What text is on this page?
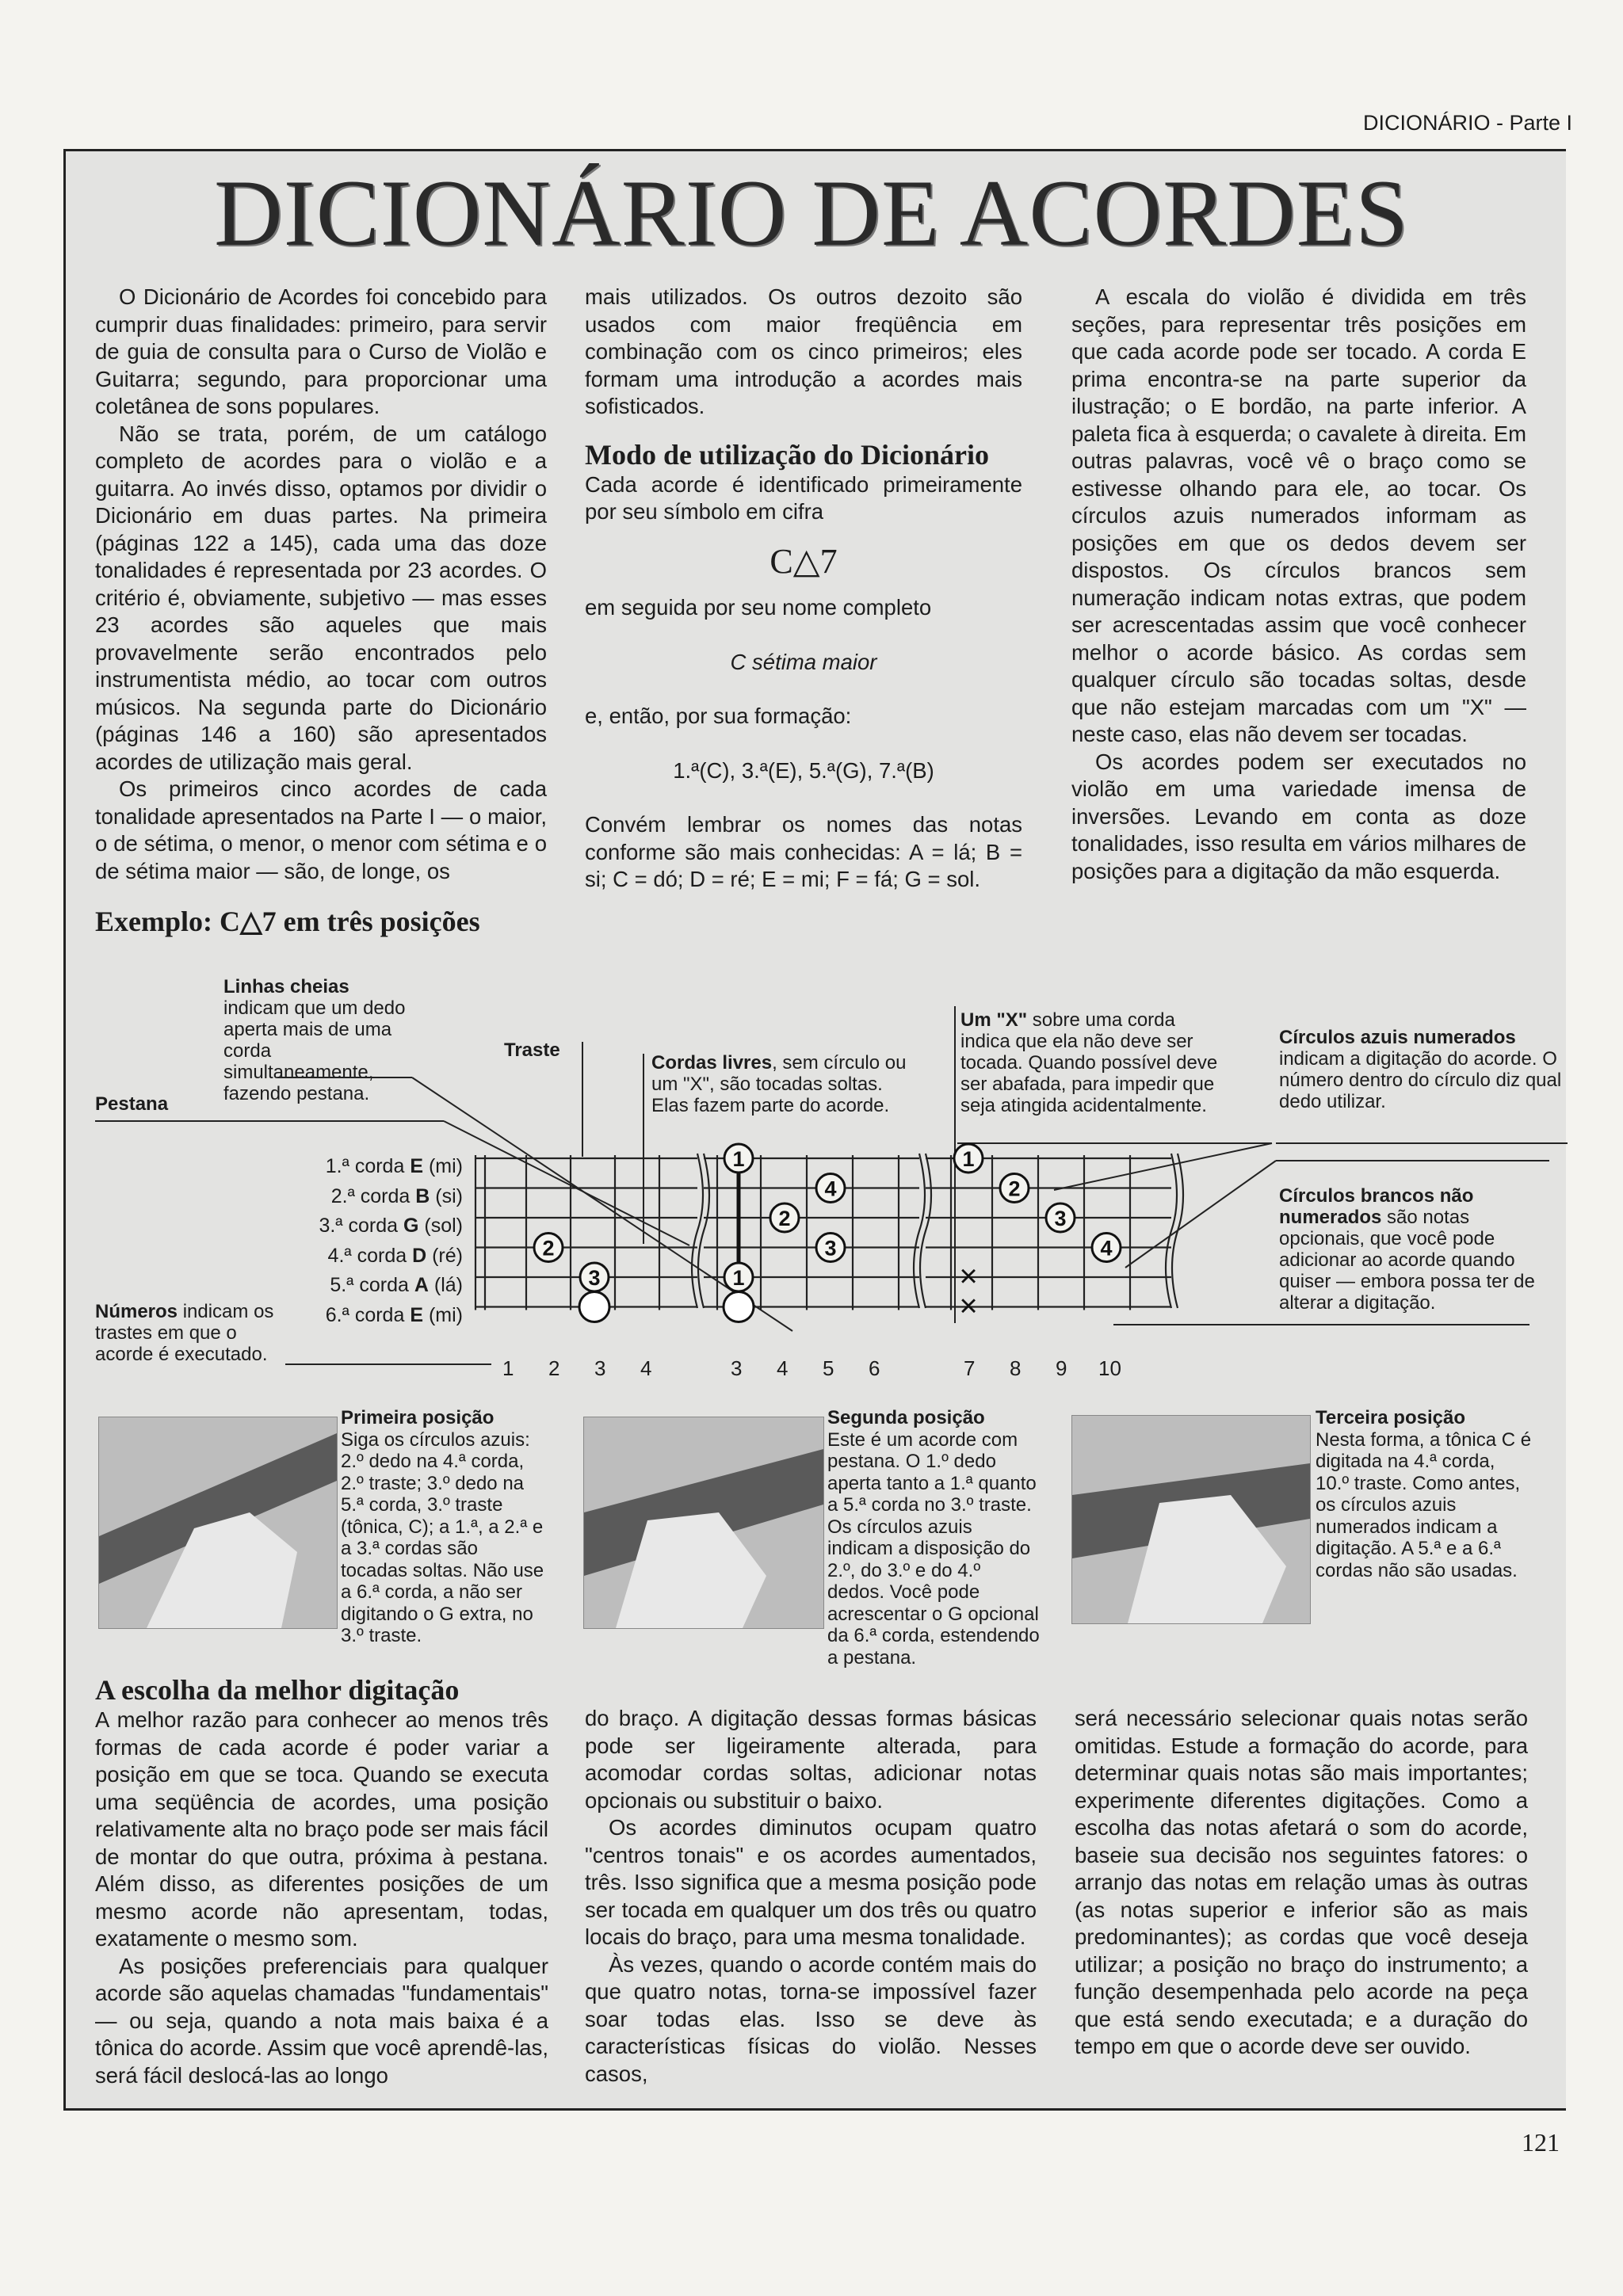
DICIONÁRIO - Parte I
DICIONÁRIO DE ACORDES

O Dicionário de Acordes foi concebido para cumprir duas finalidades: primeiro, para servir de guia de consulta para o Curso de Violão e Guitarra; segundo, para proporcionar uma coletânea de sons populares.

Não se trata, porém, de um catálogo completo de acordes para o violão e a guitarra. Ao invés disso, optamos por dividir o Dicionário em duas partes. Na primeira (páginas 122 a 145), cada uma das doze tonalidades é representada por 23 acordes. O critério é, obviamente, subjetivo — mas esses 23 acordes são aqueles que mais provavelmente serão encontrados pelo instrumentista médio, ao tocar com outros músicos. Na segunda parte do Dicionário (páginas 146 a 160) são apresentados acordes de utilização mais geral.

Os primeiros cinco acordes de cada tonalidade apresentados na Parte I — o maior, o de sétima, o menor, o menor com sétima e o de sétima maior — são, de longe, os

mais utilizados. Os outros dezoito são usados com maior freqüência em combinação com os cinco primeiros; eles formam uma introdução a acordes mais sofisticados.

Modo de utilização do Dicionário

Cada acorde é identificado primeiramente por seu símbolo em cifra

C△7

em seguida por seu nome completo

C sétima maior

e, então, por sua formação:

1.ª(C), 3.ª(E), 5.ª(G), 7.ª(B)

Convém lembrar os nomes das notas conforme são mais conhecidas: A = lá; B = si; C = dó; D = ré; E = mi; F = fá; G = sol.

A escala do violão é dividida em três seções, para representar três posições em que cada acorde pode ser tocado. A corda E prima encontra-se na parte superior da ilustração; o E bordão, na parte inferior. A paleta fica à esquerda; o cavalete à direita. Em outras palavras, você vê o braço como se estivesse olhando para ele, ao tocar. Os círculos azuis numerados informam as posições em que os dedos devem ser dispostos. Os círculos brancos sem numeração indicam notas extras, que podem ser acrescentadas assim que você conhecer melhor o acorde básico. As cordas sem qualquer círculo são tocadas soltas, desde que não estejam marcadas com um "X" — neste caso, elas não devem ser tocadas.

Os acordes podem ser executados no violão em uma variedade imensa de inversões. Levando em conta as doze tonalidades, isso resulta em vários milhares de posições para a digitação da mão esquerda.

Exemplo: C△7 em três posições
Linhas cheias indicam que um dedo aperta mais de uma corda simultaneamente, fazendo pestana.
Pestana
Traste
Cordas livres, sem círculo ou um "X", são tocadas soltas. Elas fazem parte do acorde.
Um "X" sobre uma corda indica que ela não deve ser tocada. Quando possível deve ser abafada, para impedir que seja atingida acidentalmente.
Círculos azuis numerados indicam a digitação do acorde. O número dentro do círculo diz qual dedo utilizar.
Círculos brancos não numerados são notas opcionais, que você pode adicionar ao acorde quando quiser — embora possa ter de alterar a digitação.
Números indicam os trastes em que o acorde é executado.
1.ª corda E (mi)
2.ª corda B (si)
3.ª corda G (sol)
4.ª corda D (ré)
5.ª corda A (lá)
6.ª corda E (mi)
2
3
1
4
2
3
1
1
2
3
4
×
×
1 2 3 4	3 4 5 6	7 8 9 10
Primeira posição
Siga os círculos azuis: 2.º dedo na 4.ª corda, 2.º traste; 3.º dedo na 5.ª corda, 3.º traste (tônica, C); a 1.ª, a 2.ª e a 3.ª cordas são tocadas soltas. Não use a 6.ª corda, a não ser digitando o G extra, no 3.º traste.
Segunda posição
Este é um acorde com pestana. O 1.º dedo aperta tanto a 1.ª quanto a 5.ª corda no 3.º traste. Os círculos azuis indicam a disposição do 2.º, do 3.º e do 4.º dedos. Você pode acrescentar o G opcional da 6.ª corda, estendendo a pestana.
Terceira posição
Nesta forma, a tônica C é digitada na 4.ª corda, 10.º traste. Como antes, os círculos azuis numerados indicam a digitação. A 5.ª e a 6.ª cordas não são usadas.

A escolha da melhor digitação

A melhor razão para conhecer ao menos três formas de cada acorde é poder variar a posição em que se toca. Quando se executa uma seqüência de acordes, uma posição relativamente alta no braço pode ser mais fácil de montar do que outra, próxima à pestana. Além disso, as diferentes posições de um mesmo acorde não apresentam, todas, exatamente o mesmo som.

As posições preferenciais para qualquer acorde são aquelas chamadas "fundamentais" — ou seja, quando a nota mais baixa é a tônica do acorde. Assim que você aprendê-las, será fácil deslocá-las ao longo

do braço. A digitação dessas formas básicas pode ser ligeiramente alterada, para acomodar cordas soltas, adicionar notas opcionais ou substituir o baixo.

Os acordes diminutos ocupam quatro "centros tonais" e os acordes aumentados, três. Isso significa que a mesma posição pode ser tocada em qualquer um dos três ou quatro locais do braço, para uma mesma tonalidade.

Às vezes, quando o acorde contém mais do que quatro notas, torna-se impossível fazer soar todas elas. Isso se deve às características físicas do violão. Nesses casos,

será necessário selecionar quais notas serão omitidas. Estude a formação do acorde, para determinar quais notas são mais importantes; experimente diferentes digitações. Como a escolha das notas afetará o som do acorde, baseie sua decisão nos seguintes fatores: o arranjo das notas em relação umas às outras (as notas superior e inferior são as mais predominantes); as cordas que você deseja utilizar; a posição no braço do instrumento; a função desempenhada pelo acorde na peça que está sendo executada; e a duração do tempo em que o acorde deve ser ouvido.

121
